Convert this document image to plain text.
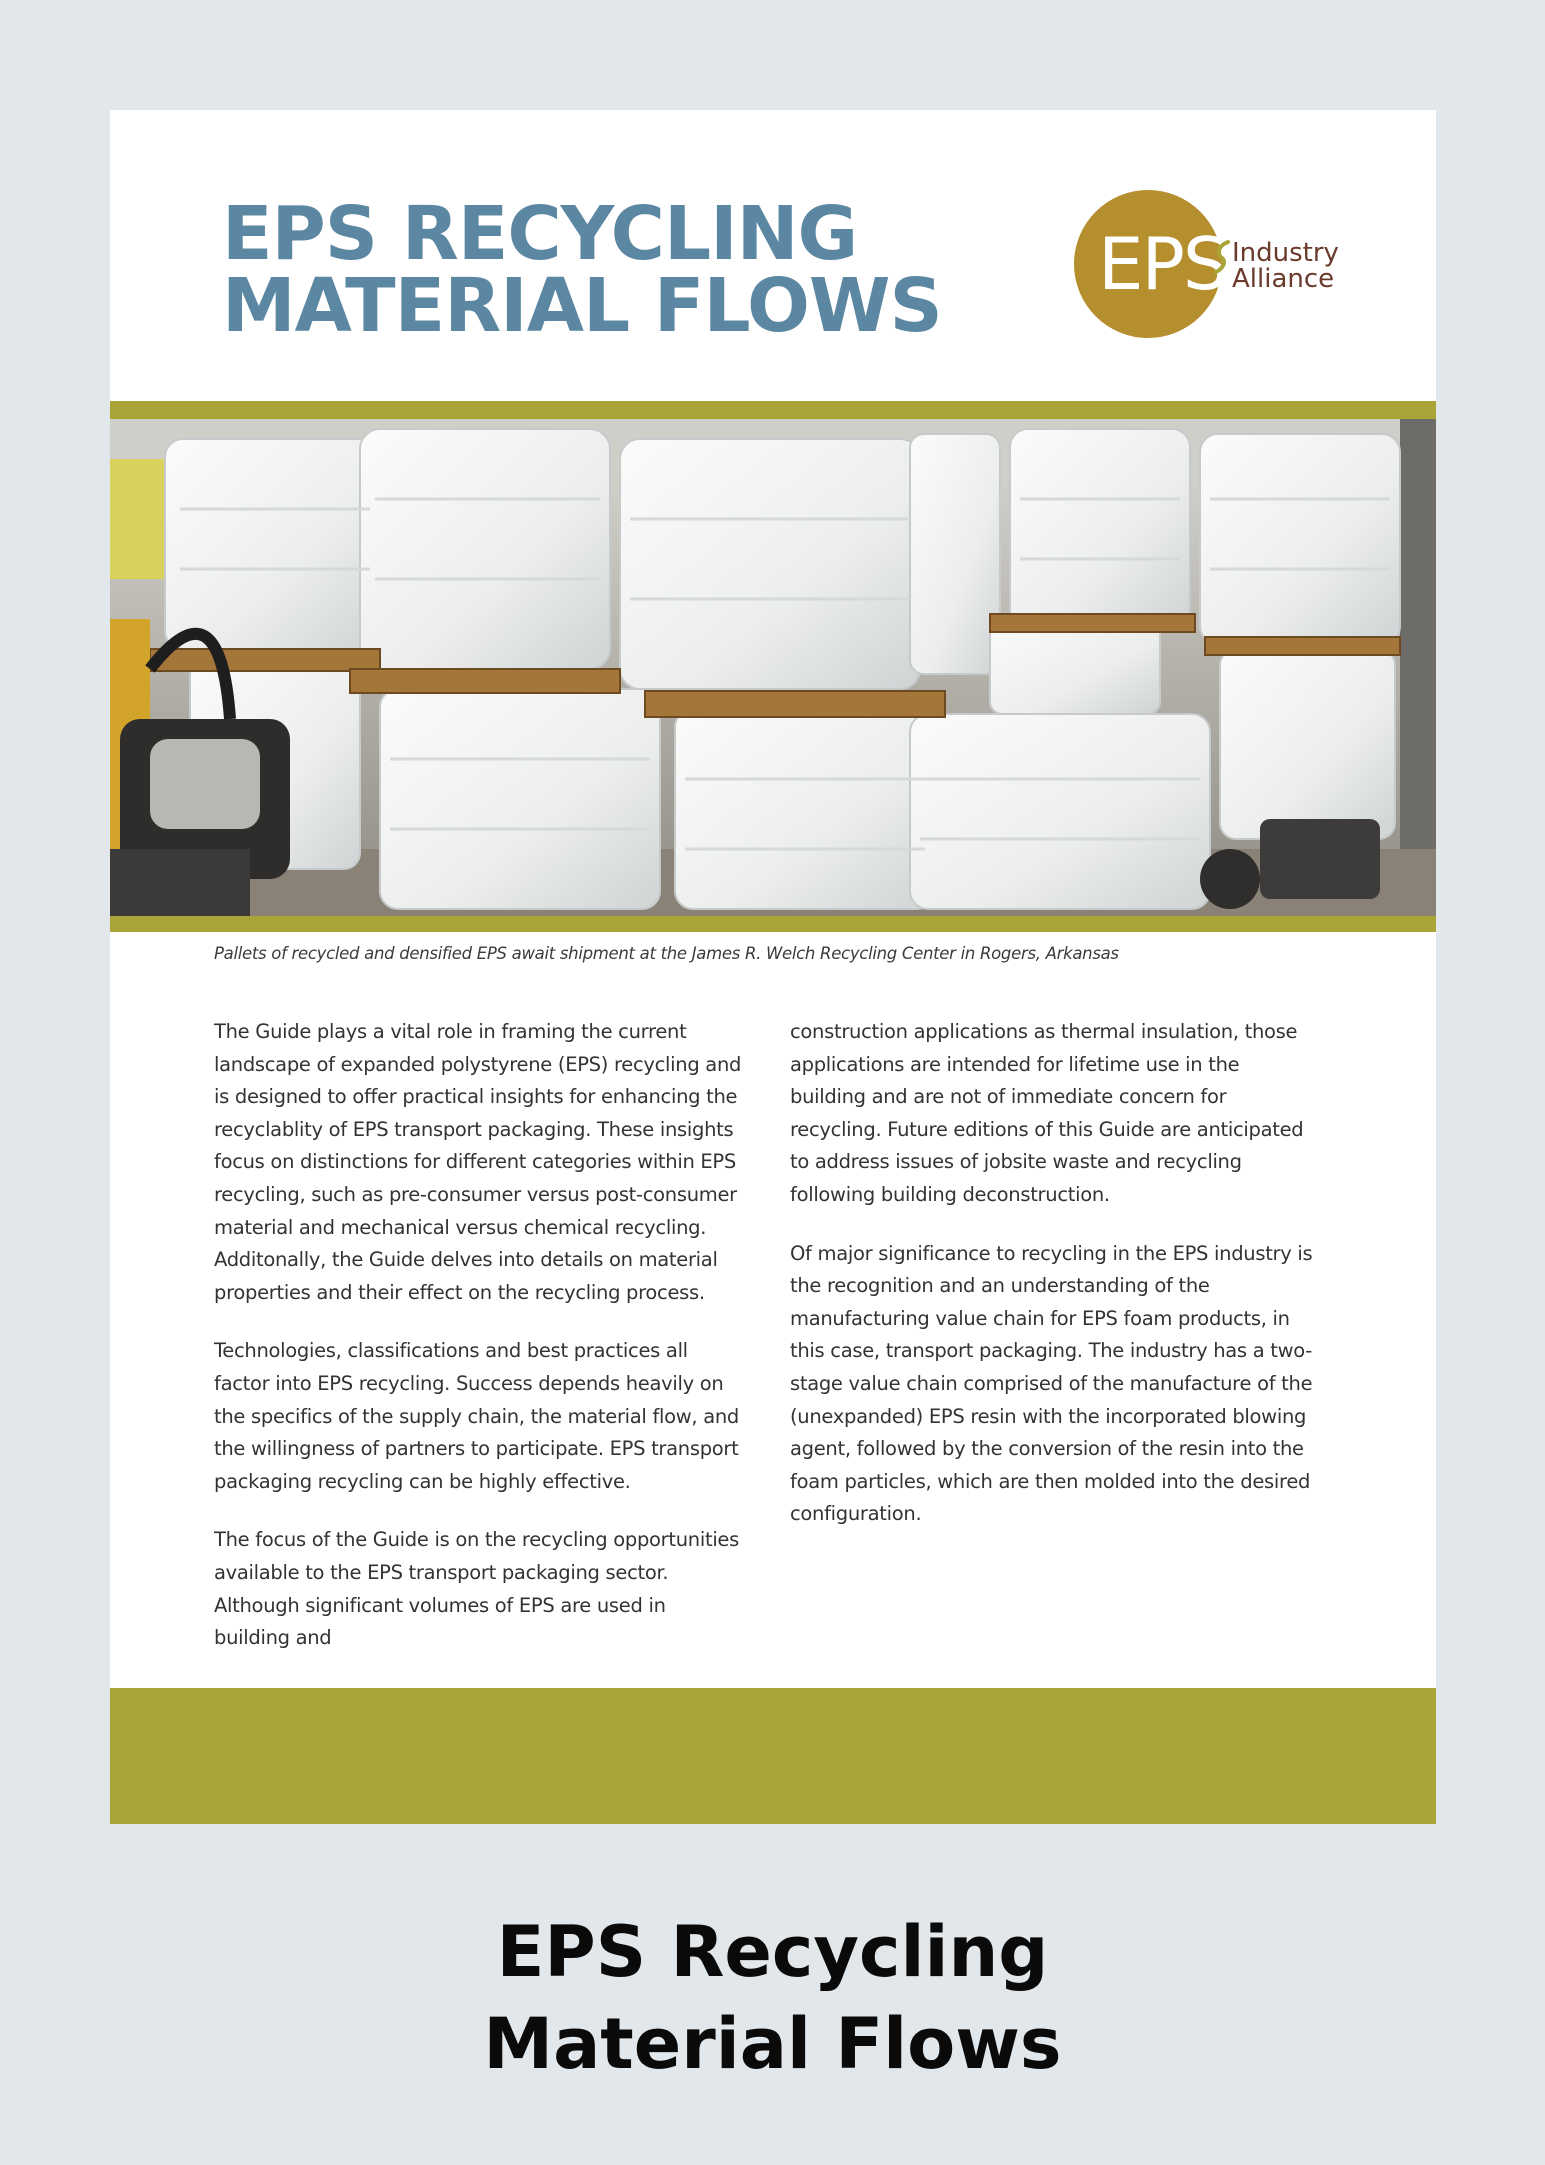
EPS RECYCLING
MATERIAL FLOWS EPS Industry
Alliance

Pallets of recycled and densified EPS await shipment at the James R. Welch Recycling Center in Rogers, Arkansas

The Guide plays a vital role in framing the current landscape of expanded polystyrene (EPS) recycling and is designed to offer practical insights for enhancing the recyclablity of EPS transport packaging. These insights focus on distinctions for different categories within EPS recycling, such as pre-consumer versus post-consumer material and mechanical versus chemical recycling. Additonally, the Guide delves into details on material properties and their effect on the recycling process.

Technologies, classifications and best practices all factor into EPS recycling. Success depends heavily on the specifics of the supply chain, the material flow, and the willingness of partners to participate. EPS transport packaging recycling can be highly effective.

The focus of the Guide is on the recycling opportunities available to the EPS transport packaging sector. Although significant volumes of EPS are used in building and

construction applications as thermal insulation, those applications are intended for lifetime use in the building and are not of immediate concern for recycling. Future editions of this Guide are anticipated to address issues of jobsite waste and recycling following building deconstruction.

Of major significance to recycling in the EPS industry is the recognition and an understanding of the manufacturing value chain for EPS foam products, in this case, transport packaging. The industry has a two-stage value chain comprised of the manufacture of the (unexpanded) EPS resin with the incorporated blowing agent, followed by the conversion of the resin into the foam particles, which are then molded into the desired configuration.

EPS Recycling
Material Flows
